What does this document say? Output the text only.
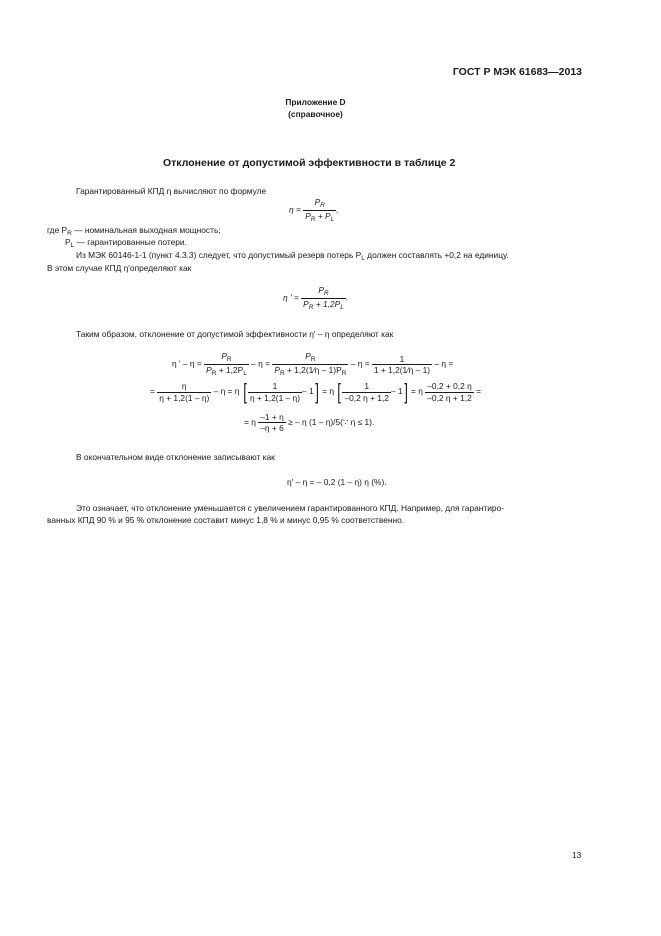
ГОСТ Р МЭК 61683—2013
Приложение D
(справочное)
Отклонение от допустимой эффективности в таблице 2
Гарантированный КПД η вычисляют по формуле
$\eta = \frac{P_R}{P_R + P_L}$ ,
где $P_R$ — номинальная выходная мощность;
$P_L$ — гарантированные потери.
Из МЭК 60146-1-1 (пункт 4.3.3) следует, что допустимый резерв потерь $P_L$ должен составлять +0,2 на единицу.
В этом случае КПД η'определяют как
η ' = $\frac{P_R}{P_R + 1,2P_L}$ .
Таким образом, отклонение от допустимой эффективности η' – η определяют как
η ' – $\eta = \frac{P_R}{P_R + 1,2P_L} - \eta = \frac{P_R}{P_R + 1,2(1⁄\eta - 1)P_R} - \eta = \frac{1}{1 + 1,2(1⁄\eta - 1)} - \eta$ =
= $\frac{\eta}{\eta + 1,2(1 - \eta)} - \eta = \eta$ [ $\frac{1}{\eta + 1,2(1 - \eta)} - 1] = \eta$ [ $\frac{1}{-0,2 \eta + 1,2} - 1] = \eta \frac{-0,2 + 0,2 \eta}{-0,2 \eta + 1,2}$ =
= η $\frac{-1 + \eta}{-\eta + 6}$ ≥ – η (1 – η)/5(∵ η ≤ 1).
В окончательном виде отклонение записывают как
η' – η = – 0,2 (1 – η) η (%).
Это означает, что отклонение уменьшается с увеличением гарантированного КПД. Например, для гарантиро-
ванных КПД 90 % и 95 % отклонение составит минус 1,8 % и минус 0,95 % соответственно.
13
